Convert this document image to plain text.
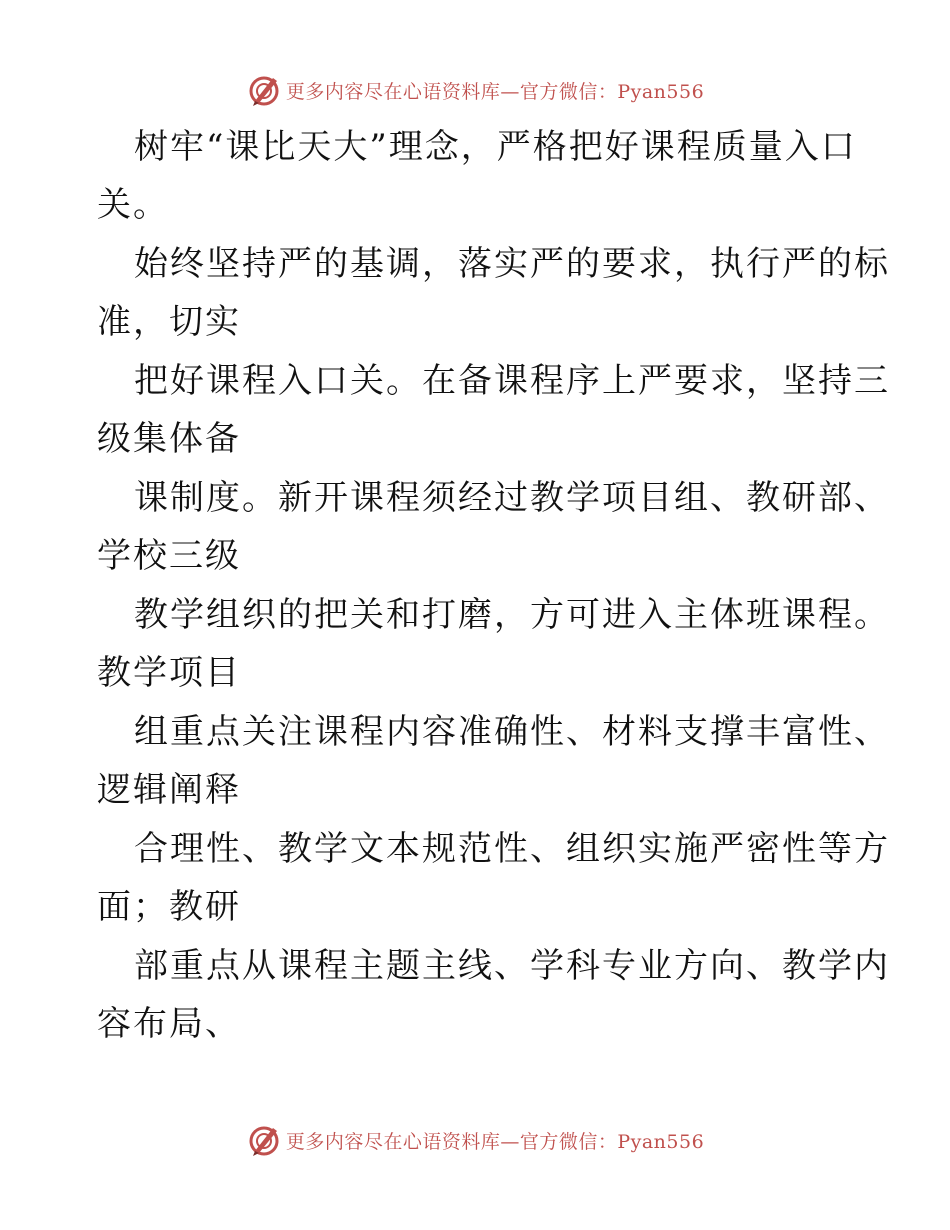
更多内容尽在心语资料库—官方微信：Pyan556
树牢“课比天大”理念，严格把好课程质量入口
关。
始终坚持严的基调，落实严的要求，执行严的标
准，切实
把好课程入口关。在备课程序上严要求，坚持三
级集体备
课制度。新开课程须经过教学项目组、教研部、
学校三级
教学组织的把关和打磨，方可进入主体班课程。
教学项目
组重点关注课程内容准确性、材料支撑丰富性、
逻辑阐释
合理性、教学文本规范性、组织实施严密性等方
面；教研
部重点从课程主题主线、学科专业方向、教学内
容布局、
更多内容尽在心语资料库—官方微信：Pyan556
